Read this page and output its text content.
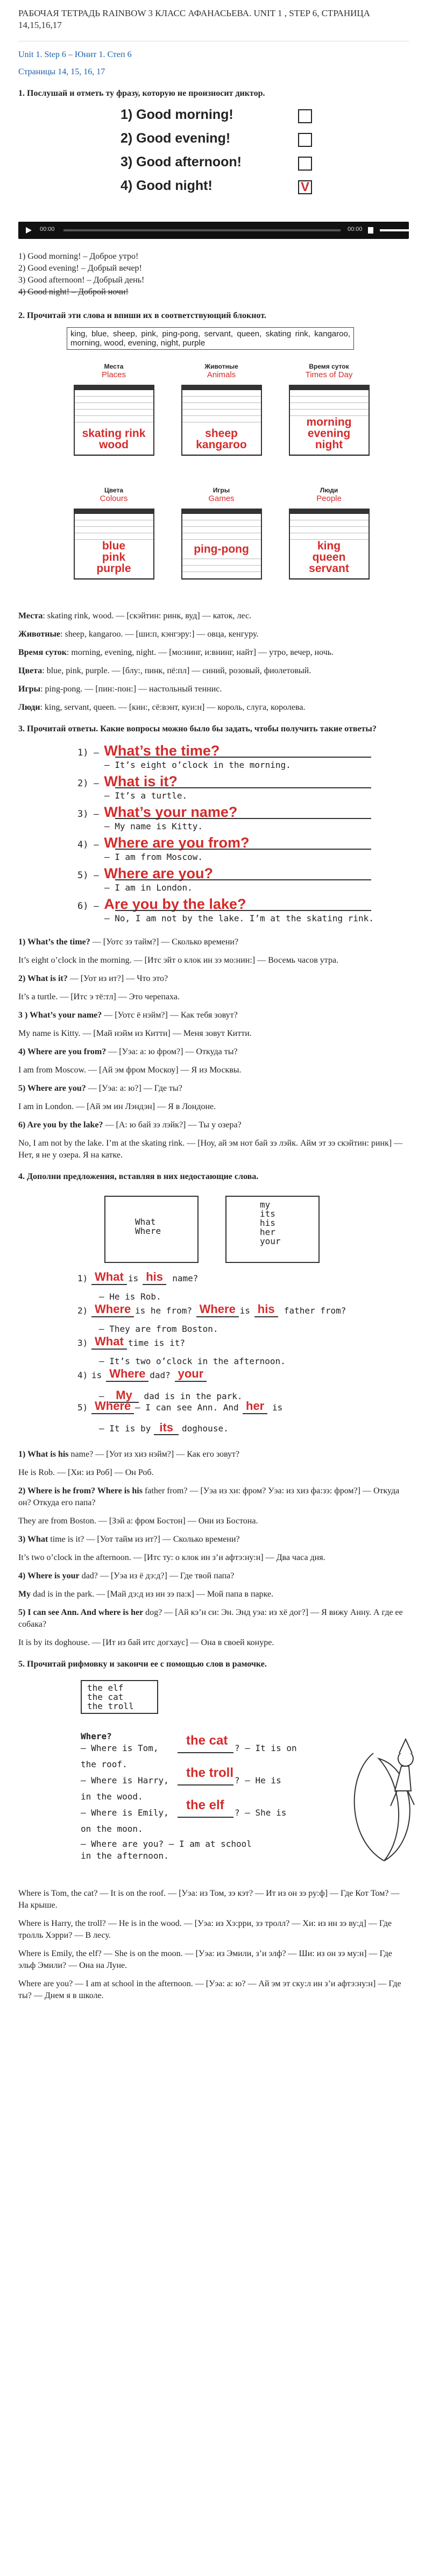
РАБОЧАЯ ТЕТРАДЬ RAINBOW 3 КЛАСС АФАНАСЬЕВА. UNIT 1 , STEP 6, СТРАНИЦА 14,15,16,17

Unit 1. Step 6 – Юнит 1. Степ 6

Страницы 14, 15, 16, 17

1. Послушай и отметь ту фразу, которую не произносит диктор.

1) Good morning!
2) Good evening!
3) Good afternoon!
4) Good night!	V
00:00	00:00

1) Good morning! – Доброе утро!

2) Good evening! – Добрый вечер!

3) Good afternoon! – Добрый день!

4) Good night! – Доброй ночи!

2. Прочитай эти слова и впиши их в соответствующий блокнот.

king, blue, sheep, pink, ping-pong, servant, queen, skating rink, kangaroo, morning, wood, evening, night, purple
Места
Places
skating rink
wood
Животные
Animals
sheep
kangaroo
Время суток
Times of Day
morning
evening
night
Цвета
Colours
blue
pink
purple
Игры
Games
ping-pong
Люди
People
king
queen
servant

Места: skating rink, wood. — [скэйтин: ринк, вуд] — каток, лес.

Животные: sheep, kangaroo. — [ши:п, кэнгэру:] — овца, кенгуру.

Время суток: morning, evening, night. — [мо:нинг, и:внинг, найт] — утро, вечер, ночь.

Цвета: blue, pink, purple. — [блу:, пинк, пё:пл] — синий, розовый, фиолетовый.

Игры: ping-pong. — [пин:-пон:] — настольный теннис.

Люди: king, servant, queen. — [кин:, сё:вэнт, куи:н] — король, слуга, королева.

3. Прочитай ответы. Какие вопросы можно было бы задать, чтобы получить такие ответы?

1) — What’s the time?
— It’s eight o’clock in the morning.
2) — What is it?
— It’s a turtle.
3) — What’s your name?
— My name is Kitty.
4) — Where are you from?
— I am from Moscow.
5) — Where are you?
— I am in London.
6) — Are you by the lake?
— No, I am not by the lake. I’m at the skating rink.

1) What’s the time? — [Уотс зэ тайм?] — Сколько времени?

It’s eight o’clock in the morning. — [Итс эйт о клок ин зэ мо:нин:] — Восемь часов утра.

2) What is it? — [Уот из ит?] — Что это?

It’s a turtle. — [Итс э тё:тл] — Это черепаха.

3 ) What’s your name? — [Уотс ё нэйм?] — Как тебя зовут?

My name is Kitty. — [Май нэйм из Китти] — Меня зовут Китти.

4) Where are you from? — [Уэа: а: ю фром?] — Откуда ты?

I am from Moscow. — [Ай эм фром Москоу] — Я из Москвы.

5) Where are you? — [Уэа: а: ю?] — Где ты?

I am in London. — [Ай эм ин Лэндэн] — Я в Лондоне.

6) Are you by the lake? — [А: ю бай зэ лэйк?] — Ты у озера?

No, I am not by the lake. I’m at the skating rink. — [Ноу, ай эм нот бай зэ лэйк. Айм эт зэ скэйтин: ринк] — Нет, я не у озера. Я на катке.

4. Дополни предложения, вставляя в них недостающие слова.

What
Where
my
its
his
her
your
1) What is his	name?
— He is Rob.
2) Where is he from? Where is his	father from?
— They are from Boston.
3) What time is it?
— It’s two o’clock in the afternoon.
4) is Where dad? your
— My dad is in the park.
5) Where — I can see Ann. And her is
— It is by its doghouse.

1) What is his name? — [Уот из хиз нэйм?] — Как его зовут?

He is Rob. — [Хи: из Роб] — Он Роб.

2) Where is he from? Where is his father from? — [Уэа из хи: фром? Уэа: из хиз фа:зэ: фром?] — Откуда он? Откуда его папа?

They are from Boston. — [Зэй а: фром Бостон] — Они из Бостона.

3) What time is it? — [Уот тайм из ит?] — Сколько времени?

It’s two o’clock in the afternoon. — [Итс ту: о клок ин з’и афтэ:ну:н] — Два часа дня.

4) Where is your dad? — [Уэа из ё дэ:д?] — Где твой папа?

My dad is in the park. — [Май дэ:д из ин зэ па:к] — Мой папа в парке.

5) I can see Ann. And where is her dog? — [Ай кэ’н си: Эн. Энд уэа: из хё дог?] — Я вижу Анну. А где ее собака?

It is by its doghouse. — [Ит из бай итс догхаус] — Она в своей конуре.

5. Прочитай рифмовку и закончи ее с помощью слов в рамочке.

the elf
the cat
the troll
Where?
— Where is Tom,
the cat
? — It is on
the roof.
— Where is Harry,
the troll
? — He is
in the wood.
— Where is Emily,
the elf
? — She is
on the moon.
— Where are you? — I am at school
in the afternoon.

Where is Tom, the cat? — It is on the roof. — [Уэа: из Том, зэ кэт? — Ит из он зэ ру:ф] — Где Кот Том? — На крыше.

Where is Harry, the troll? — He is in the wood. — [Уэа: из Хэ:рри, зэ тролл? — Хи: из ин зэ ву:д] — Где тролль Хэрри? — В лесу.

Where is Emily, the elf? — She is on the moon. — [Уэа: из Эмили, з’и элф? — Ши: из он зэ му:н] — Где эльф Эмили? — Она на Луне.

Where are you? — I am at school in the afternoon. — [Уэа: а: ю? — Ай эм эт ску:л ин з’и афтэ:ну:н] — Где ты? — Днем я в школе.
